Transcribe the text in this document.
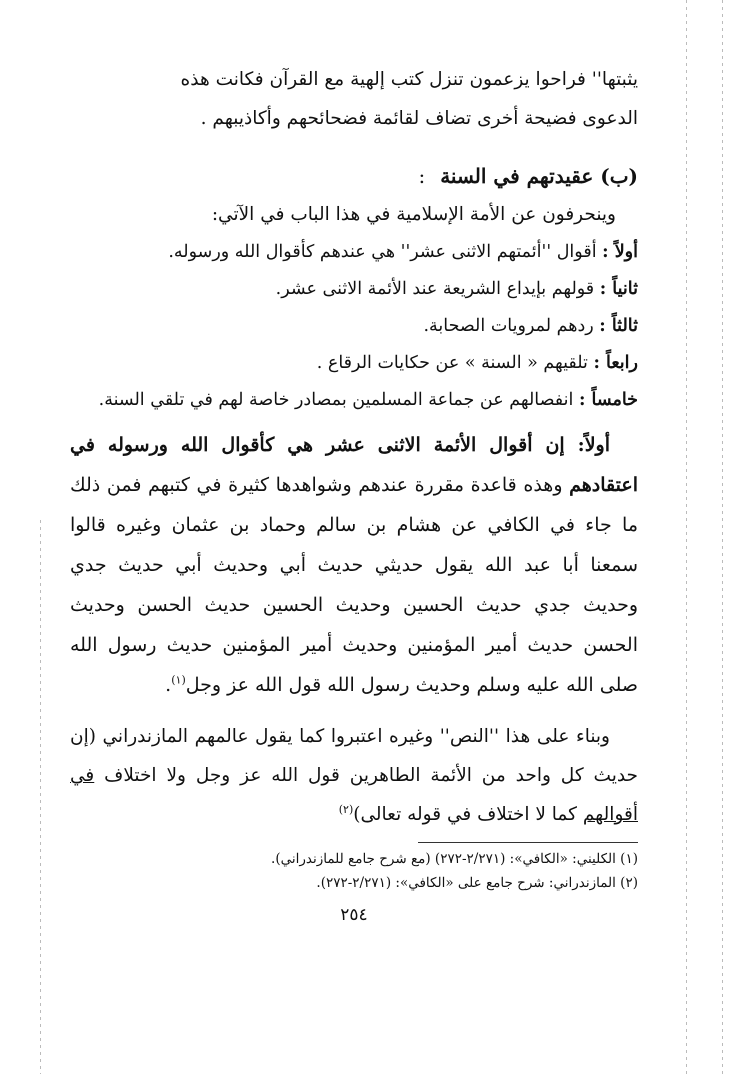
يثبتها'' فراحوا يزعمون تنزل كتب إلهية مع القرآن فكانت هذه
الدعوى فضيحة أخرى تضاف لقائمة فضحائحهم وأكاذيبهم .
(ب) عقيدتهم في السنة :
وينحرفون عن الأمة الإسلامية في هذا الباب في الآتي:
أولاً : أقوال ''أئمتهم الاثنى عشر'' هي عندهم كأقوال الله ورسوله.
ثانياً : قولهم بإيداع الشريعة عند الأئمة الاثنى عشر.
ثالثاً : ردهم لمرويات الصحابة.
رابعاً : تلقيهم « السنة » عن حكايات الرقاع .
خامساً : انفصالهم عن جماعة المسلمين بمصادر خاصة لهم في تلقي السنة.
أولاً: إن أقوال الأئمة الاثنى عشر هي كأقوال الله ورسوله في اعتقادهم وهذه قاعدة مقررة عندهم وشواهدها كثيرة في كتبهم فمن ذلك ما جاء في الكافي عن هشام بن سالم وحماد بن عثمان وغيره قالوا سمعنا أبا عبد الله يقول حديثي حديث أبي وحديث أبي حديث جدي وحديث جدي حديث الحسين وحديث الحسين حديث الحسن وحديث الحسن حديث أمير المؤمنين وحديث أمير المؤمنين حديث رسول الله صلى الله عليه وسلم وحديث رسول الله قول الله عز وجل$^{(١)}$.
وبناء على هذا ''النص'' وغيره اعتبروا كما يقول عالمهم المازندراني (إن حديث كل واحد من الأئمة الطاهرين قول الله عز وجل ولا اختلاف في أقوالهم كما لا اختلاف في قوله تعالى)$^{(٢)}$
(١) الكليني: «الكافي»: (٢/٢٧١-٢٧٢) (مع شرح جامع للمازندراني).
(٢) المازندراني: شرح جامع على «الكافي»: (٢/٢٧١-٢٧٢).
٢٥٤
